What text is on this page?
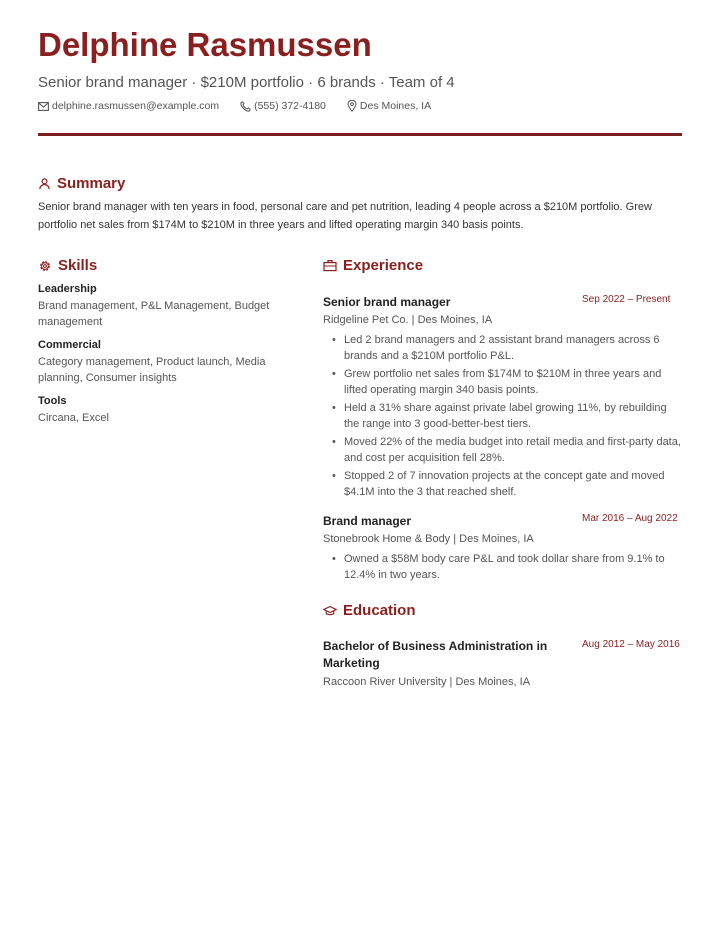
Delphine Rasmussen
Senior brand manager · $210M portfolio · 6 brands · Team of 4
delphine.rasmussen@example.com	(555) 372-4180	Des Moines, IA
Summary
Senior brand manager with ten years in food, personal care and pet nutrition, leading 4 people across a $210M portfolio. Grew portfolio net sales from $174M to $210M in three years and lifted operating margin 340 basis points.
Skills
Leadership
Brand management, P&L Management, Budget management
Commercial
Category management, Product launch, Media planning, Consumer insights
Tools
Circana, Excel
Experience
Senior brand manager	Sep 2022 – Present
Ridgeline Pet Co. | Des Moines, IA
• Led 2 brand managers and 2 assistant brand managers across 6 brands and a $210M portfolio P&L.
• Grew portfolio net sales from $174M to $210M in three years and lifted operating margin 340 basis points.
• Held a 31% share against private label growing 11%, by rebuilding the range into 3 good-better-best tiers.
• Moved 22% of the media budget into retail media and first-party data, and cost per acquisition fell 28%.
• Stopped 2 of 7 innovation projects at the concept gate and moved $4.1M into the 3 that reached shelf.
Brand manager	Mar 2016 – Aug 2022
Stonebrook Home & Body | Des Moines, IA
• Owned a $58M body care P&L and took dollar share from 9.1% to 12.4% in two years.
Education
Bachelor of Business Administration in Marketing
Aug 2012 – May 2016
Raccoon River University | Des Moines, IA
